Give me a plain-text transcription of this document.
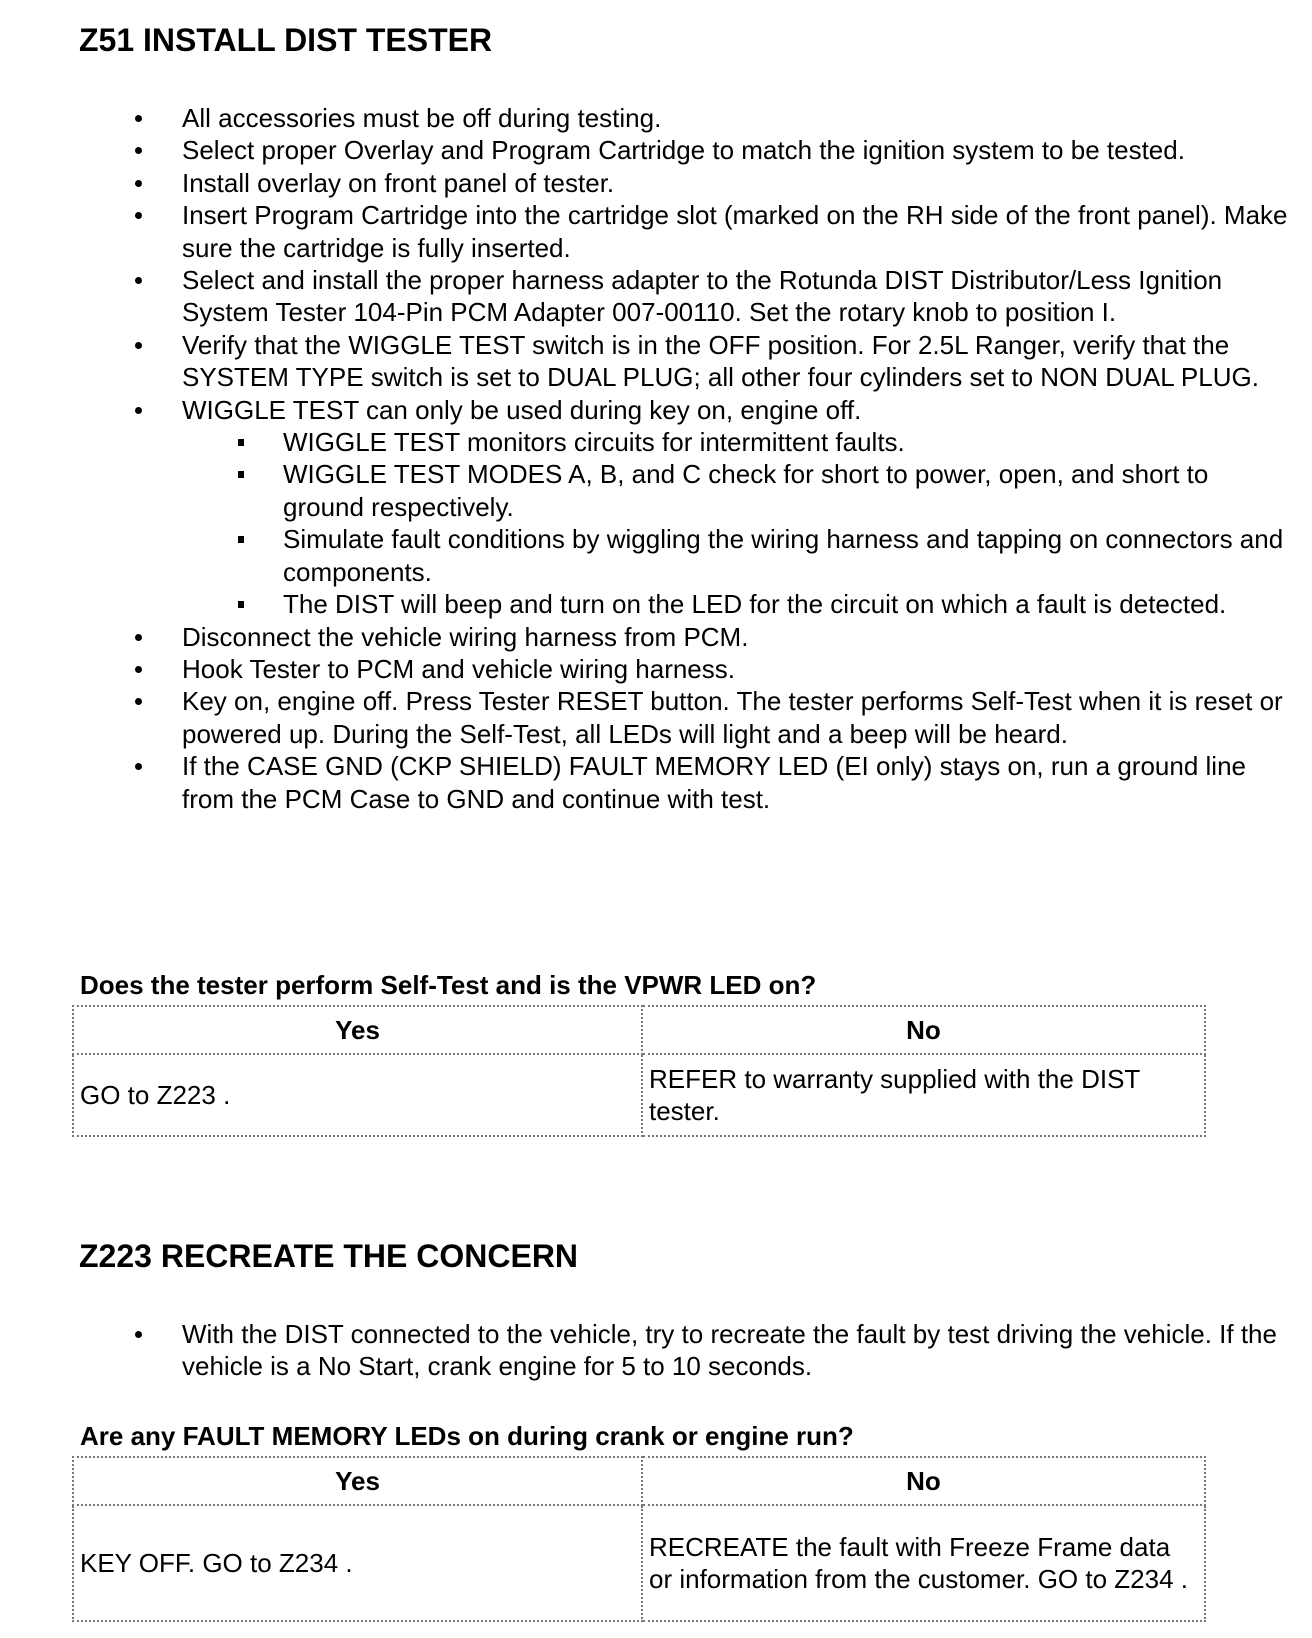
Z51 INSTALL DIST TESTER
All accessories must be off during testing.
Select proper Overlay and Program Cartridge to match the ignition system to be tested.
Install overlay on front panel of tester.
Insert Program Cartridge into the cartridge slot (marked on the RH side of the front panel). Make sure the cartridge is fully inserted.
Select and install the proper harness adapter to the Rotunda DIST Distributor/Less Ignition System Tester 104-Pin PCM Adapter 007-00110. Set the rotary knob to position I.
Verify that the WIGGLE TEST switch is in the OFF position. For 2.5L Ranger, verify that the SYSTEM TYPE switch is set to DUAL PLUG; all other four cylinders set to NON DUAL PLUG.
WIGGLE TEST can only be used during key on, engine off.
WIGGLE TEST monitors circuits for intermittent faults.
WIGGLE TEST MODES A, B, and C check for short to power, open, and short to ground respectively.
Simulate fault conditions by wiggling the wiring harness and tapping on connectors and components.
The DIST will beep and turn on the LED for the circuit on which a fault is detected.
Disconnect the vehicle wiring harness from PCM.
Hook Tester to PCM and vehicle wiring harness.
Key on, engine off. Press Tester RESET button. The tester performs Self-Test when it is reset or powered up. During the Self-Test, all LEDs will light and a beep will be heard.
If the CASE GND (CKP SHIELD) FAULT MEMORY LED (EI only) stays on, run a ground line from the PCM Case to GND and continue with test.

Does the tester perform Self-Test and is the VPWR LED on?

Yes	No
GO to Z223 .	REFER to warranty supplied with the DIST tester.
Z223 RECREATE THE CONCERN
With the DIST connected to the vehicle, try to recreate the fault by test driving the vehicle. If the vehicle is a No Start, crank engine for 5 to 10 seconds.

Are any FAULT MEMORY LEDs on during crank or engine run?

Yes	No
KEY OFF. GO to Z234 .	RECREATE the fault with Freeze Frame data or information from the customer. GO to Z234 .
